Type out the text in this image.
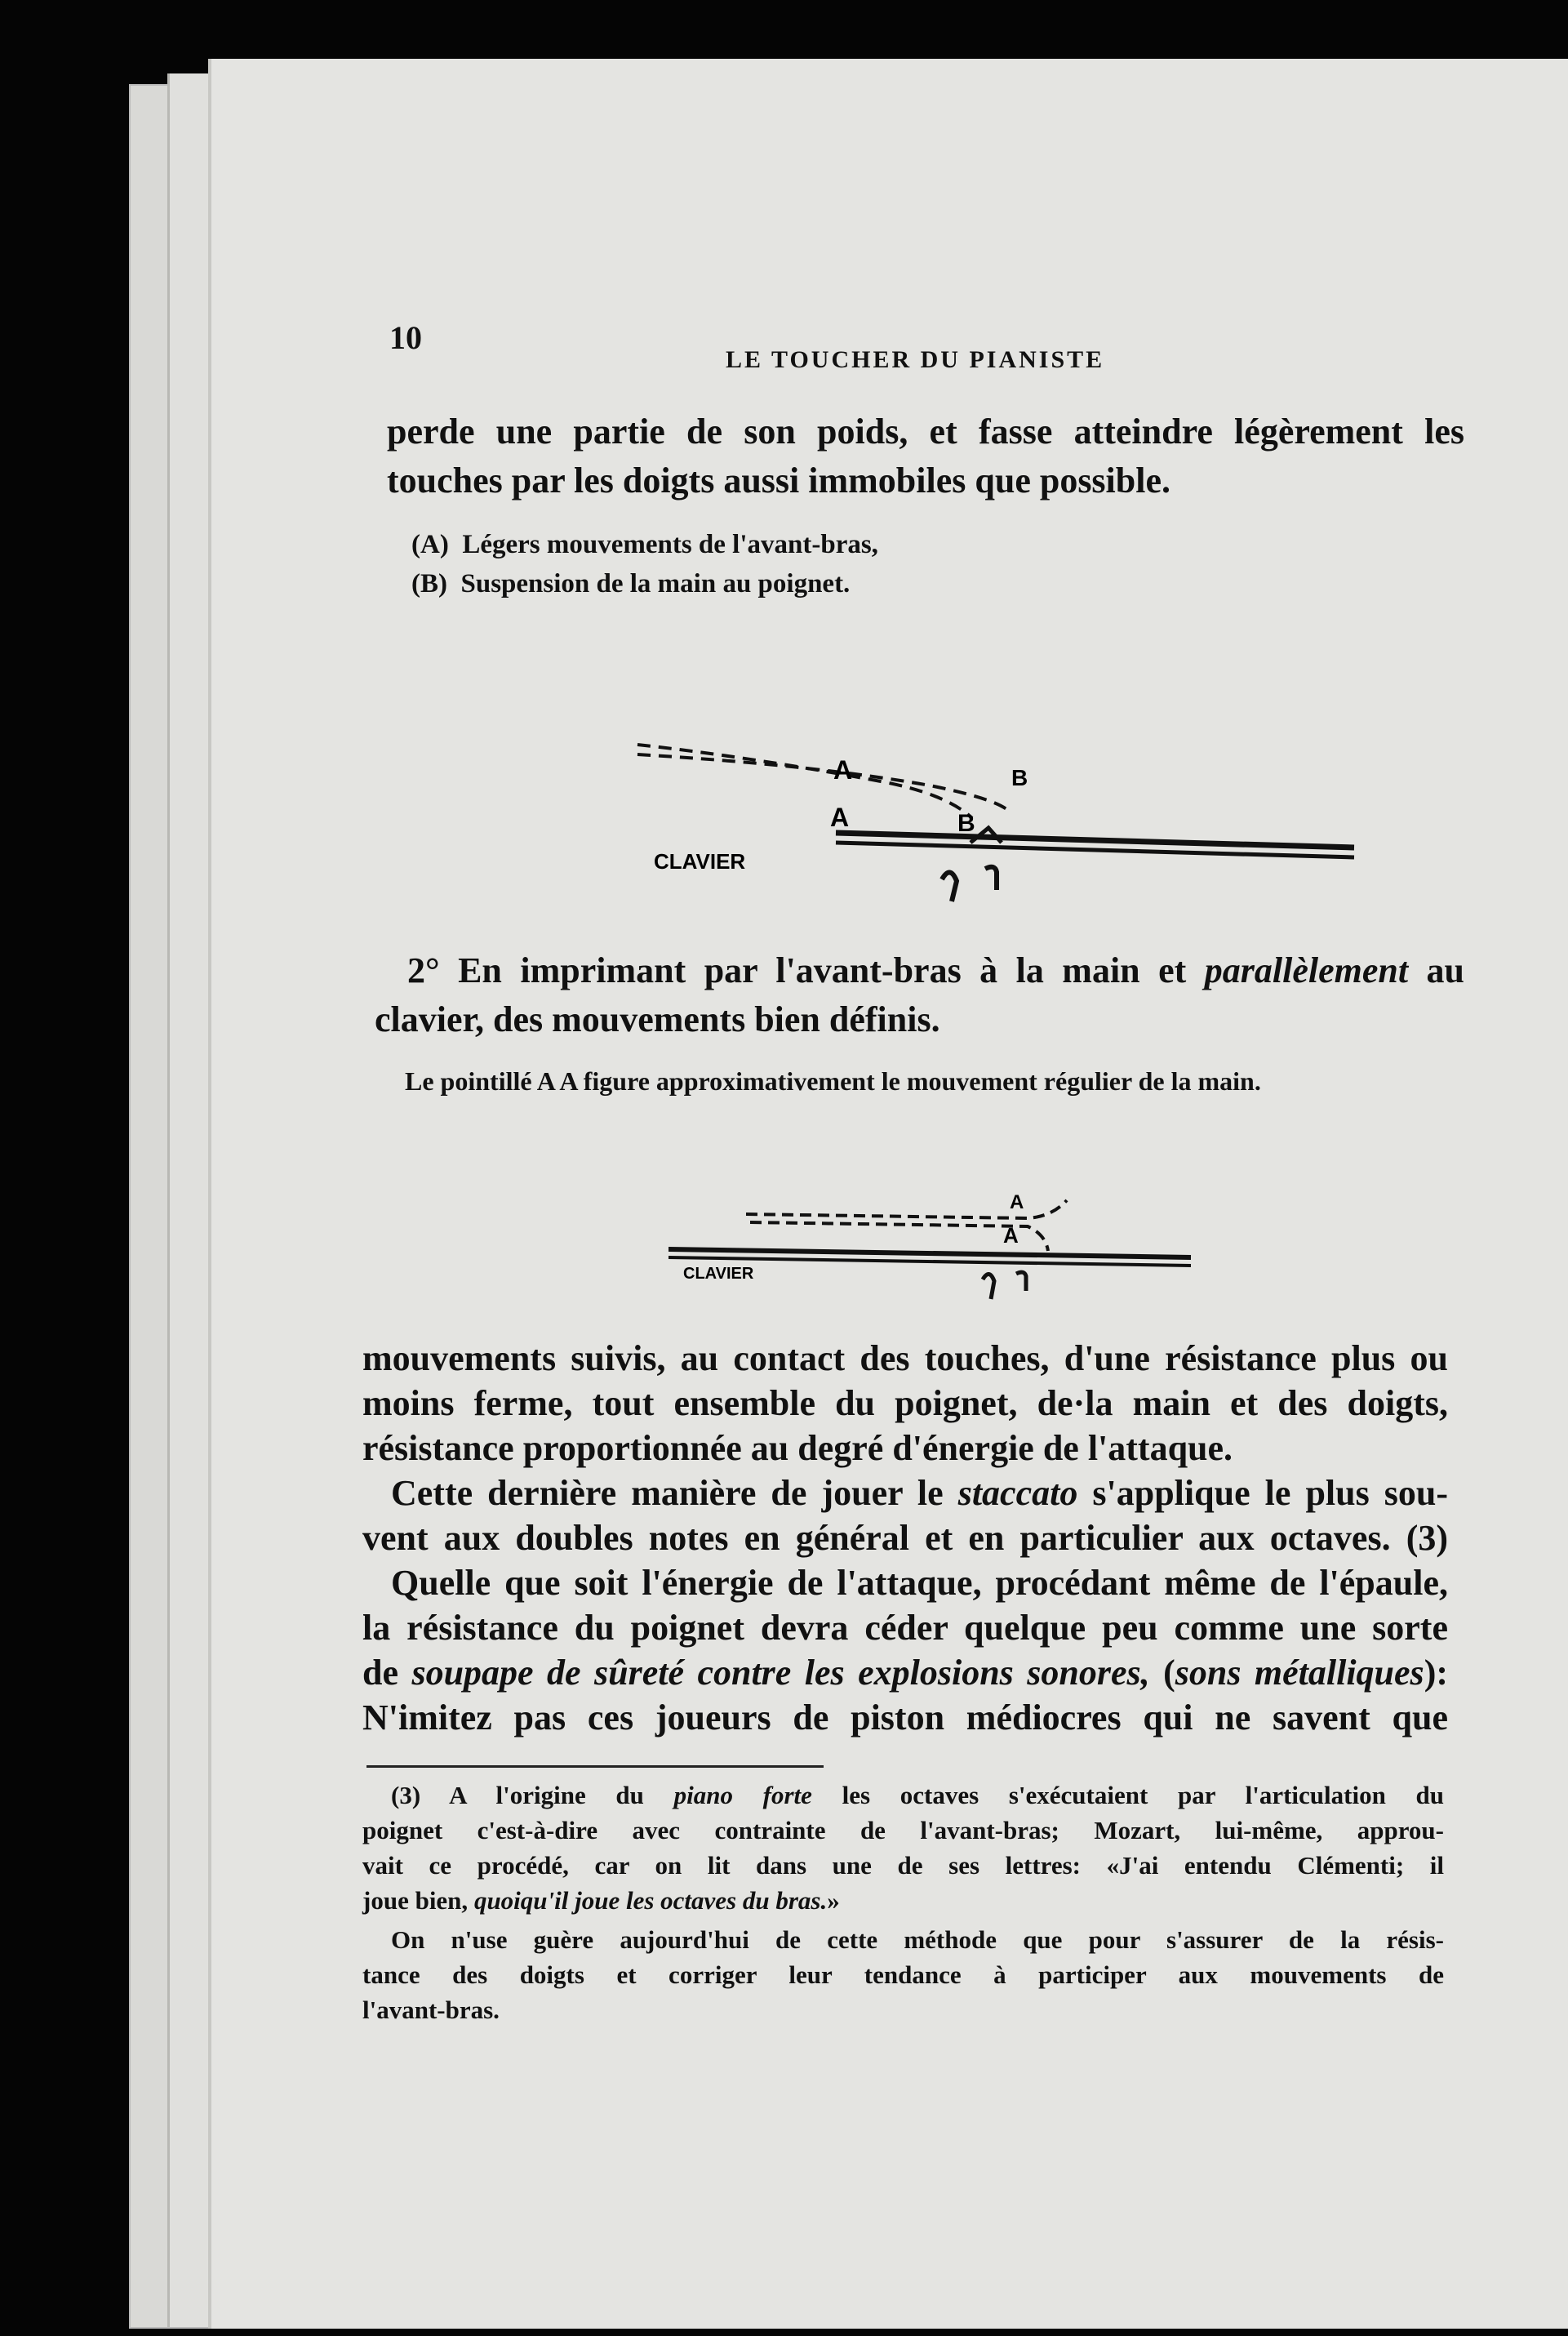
10
LE TOUCHER DU PIANISTE
perde une partie de son poids, et fasse atteindre légèrement les
touches par les doigts aussi immobiles que possible.
(A) Légers mouvements de l'avant-bras,
(B) Suspension de la main au poignet.
A
A
B
B
CLAVIER
2° En imprimant par l'avant-bras à la main et parallèlement au
clavier, des mouvements bien définis.
Le pointillé A A figure approximativement le mouvement régulier de la main.
A
A
CLAVIER
mouvements suivis, au contact des touches, d'une résistance plus ou
moins ferme, tout ensemble du poignet, de·la main et des doigts,
résistance proportionnée au degré d'énergie de l'attaque.
Cette dernière manière de jouer le staccato s'applique le plus sou-
vent aux doubles notes en général et en particulier aux octaves. (3)
Quelle que soit l'énergie de l'attaque, procédant même de l'épaule,
la résistance du poignet devra céder quelque peu comme une sorte
de soupape de sûreté contre les explosions sonores, (sons métalliques):
N'imitez pas ces joueurs de piston médiocres qui ne savent que
(3) A l'origine du piano forte les octaves s'exécutaient par l'articulation du
poignet c'est-à-dire avec contrainte de l'avant-bras; Mozart, lui-même, approu-
vait ce procédé, car on lit dans une de ses lettres: «J'ai entendu Clémenti; il
joue bien, quoiqu'il joue les octaves du bras.»
On n'use guère aujourd'hui de cette méthode que pour s'assurer de la résis-
tance des doigts et corriger leur tendance à participer aux mouvements de
l'avant-bras.
